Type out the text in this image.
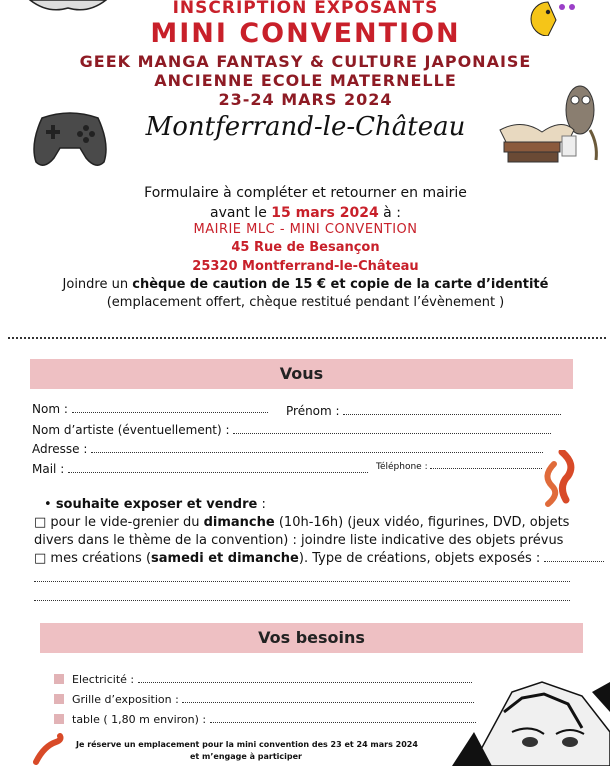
INSCRIPTION EXPOSANTS
MINI CONVENTION
GEEK MANGA FANTASY & CULTURE JAPONAISE
ANCIENNE ECOLE MATERNELLE
23-24 MARS 2024
Montferrand-le-Château
Formulaire à compléter et retourner en mairie
avant le 15 mars 2024 à :
MAIRIE MLC - MINI CONVENTION
45 Rue de Besançon
25320 Montferrand-le-Château
Joindre un chèque de caution de 15 € et copie de la carte d’identité
(emplacement offert, chèque restitué pendant l’évènement )
Vous
Nom :	Prénom :
Nom d’artiste (éventuellement) :
Adresse :
Mail :	Téléphone :
• souhaite exposer et vendre :
□ pour le vide-grenier du dimanche (10h-16h) (jeux vidéo, figurines, DVD, objets
divers dans le thème de la convention) : joindre liste indicative des objets prévus
□ mes créations (samedi et dimanche). Type de créations, objets exposés :
Vos besoins
Electricité :
Grille d’exposition :
table ( 1,80 m environ) :
Je réserve un emplacement pour la mini convention des 23 et 24 mars 2024
et m’engage à participer
